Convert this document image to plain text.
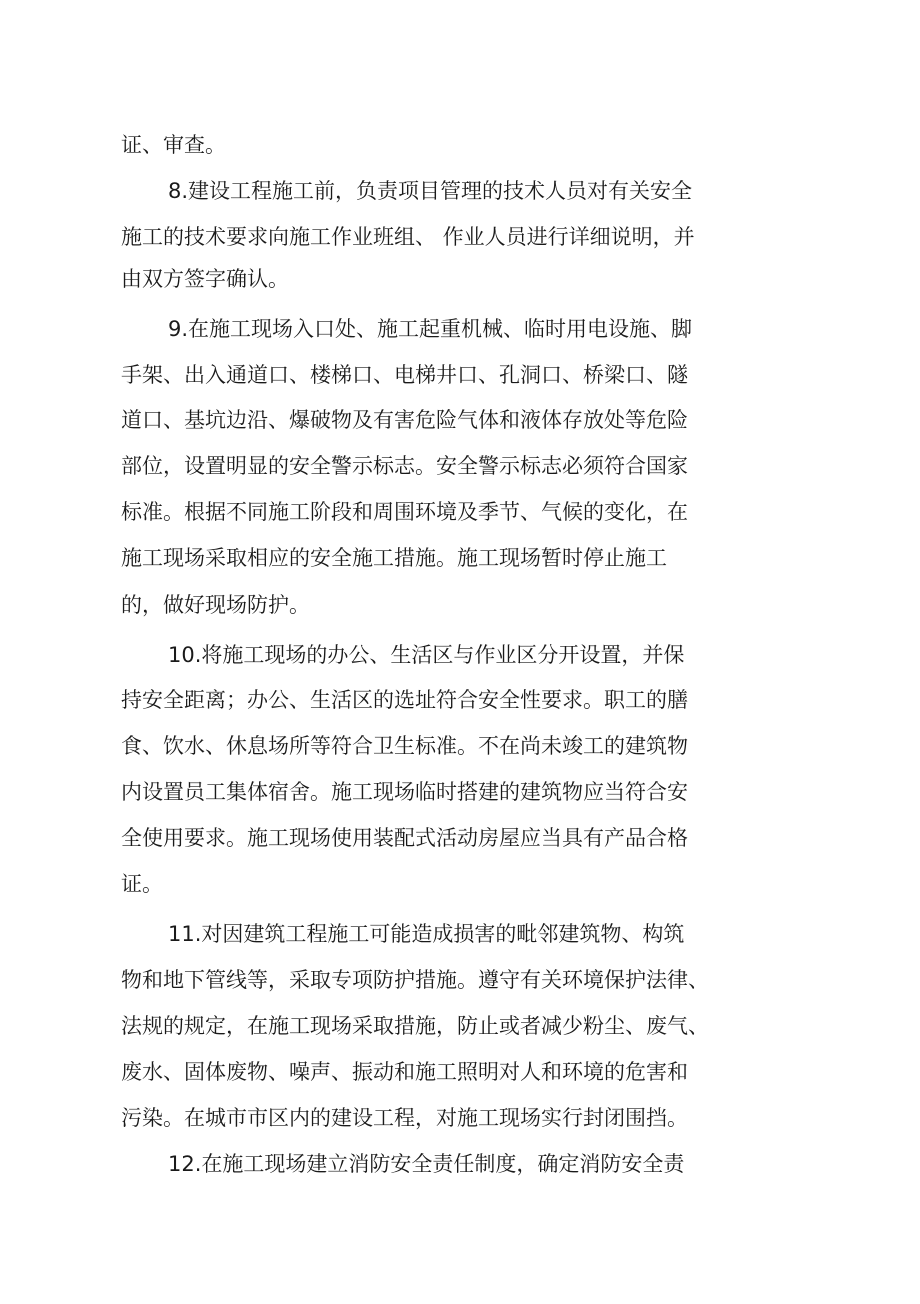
证、审查。
8.建设工程施工前，负责项目管理的技术人员对有关安全
施工的技术要求向施工作业班组、 作业人员进行详细说明，并
由双方签字确认。
9.在施工现场入口处、施工起重机械、临时用电设施、脚
手架、出入通道口、楼梯口、电梯井口、孔洞口、桥梁口、隧
道口、基坑边沿、爆破物及有害危险气体和液体存放处等危险
部位，设置明显的安全警示标志。安全警示标志必须符合国家
标准。根据不同施工阶段和周围环境及季节、气候的变化，在
施工现场采取相应的安全施工措施。施工现场暂时停止施工
的，做好现场防护。
10.将施工现场的办公、生活区与作业区分开设置，并保
持安全距离；办公、生活区的选址符合安全性要求。职工的膳
食、饮水、休息场所等符合卫生标准。不在尚未竣工的建筑物
内设置员工集体宿舍。施工现场临时搭建的建筑物应当符合安
全使用要求。施工现场使用装配式活动房屋应当具有产品合格
证。
11.对因建筑工程施工可能造成损害的毗邻建筑物、构筑
物和地下管线等，采取专项防护措施。遵守有关环境保护法律、
法规的规定，在施工现场采取措施，防止或者减少粉尘、废气、
废水、固体废物、噪声、振动和施工照明对人和环境的危害和
污染。在城市市区内的建设工程，对施工现场实行封闭围挡。
12.在施工现场建立消防安全责任制度，确定消防安全责
